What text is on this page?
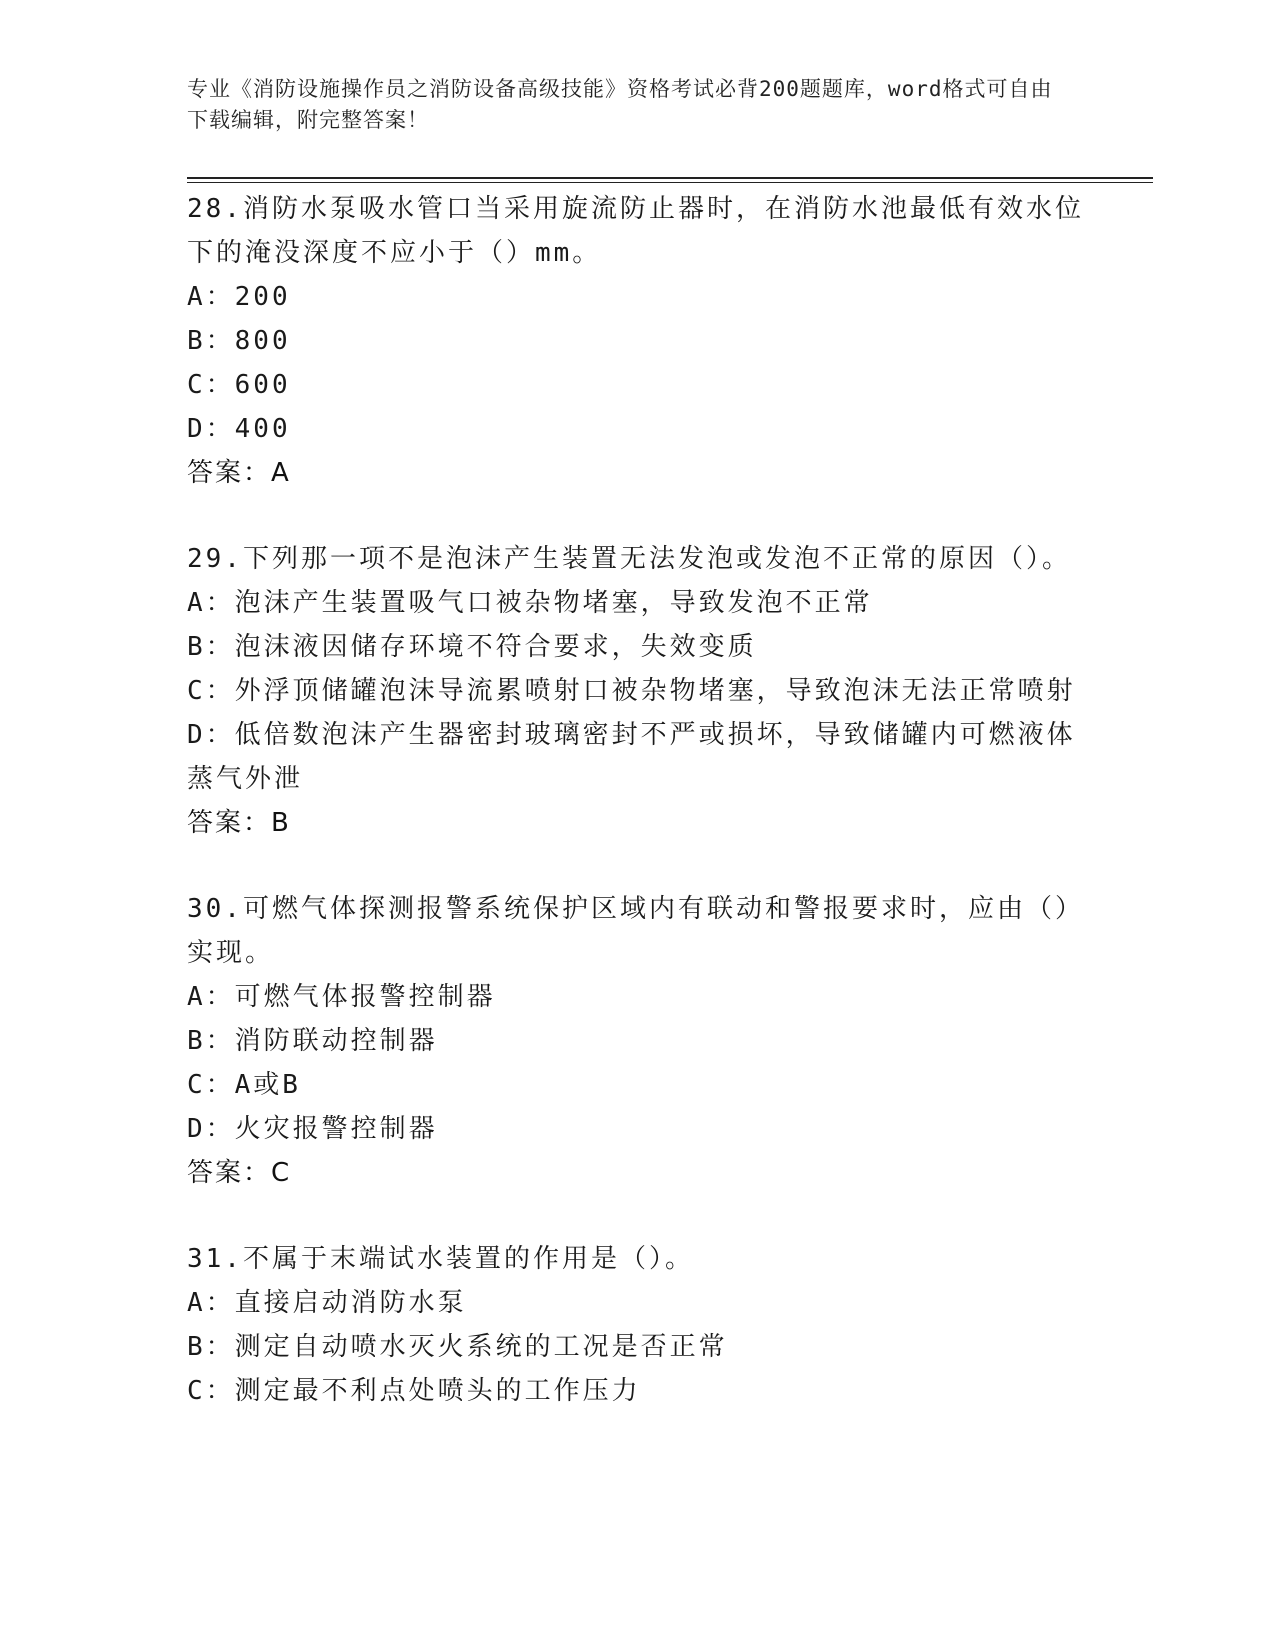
专业《消防设施操作员之消防设备高级技能》资格考试必背200题题库，word格式可自由下载编辑，附完整答案！

28.消防水泵吸水管口当采用旋流防止器时，在消防水池最低有效水位下的淹没深度不应小于（）mm。

A：200

B：800

C：600

D：400

答案：A

29.下列那一项不是泡沫产生装置无法发泡或发泡不正常的原因（）。

A：泡沫产生装置吸气口被杂物堵塞，导致发泡不正常

B：泡沫液因储存环境不符合要求，失效变质

C：外浮顶储罐泡沫导流累喷射口被杂物堵塞，导致泡沫无法正常喷射

D：低倍数泡沫产生器密封玻璃密封不严或损坏，导致储罐内可燃液体蒸气外泄

答案：B

30.可燃气体探测报警系统保护区域内有联动和警报要求时，应由（）实现。

A：可燃气体报警控制器

B：消防联动控制器

C：A或B

D：火灾报警控制器

答案：C

31.不属于末端试水装置的作用是（）。

A：直接启动消防水泵

B：测定自动喷水灭火系统的工况是否正常

C：测定最不利点处喷头的工作压力
